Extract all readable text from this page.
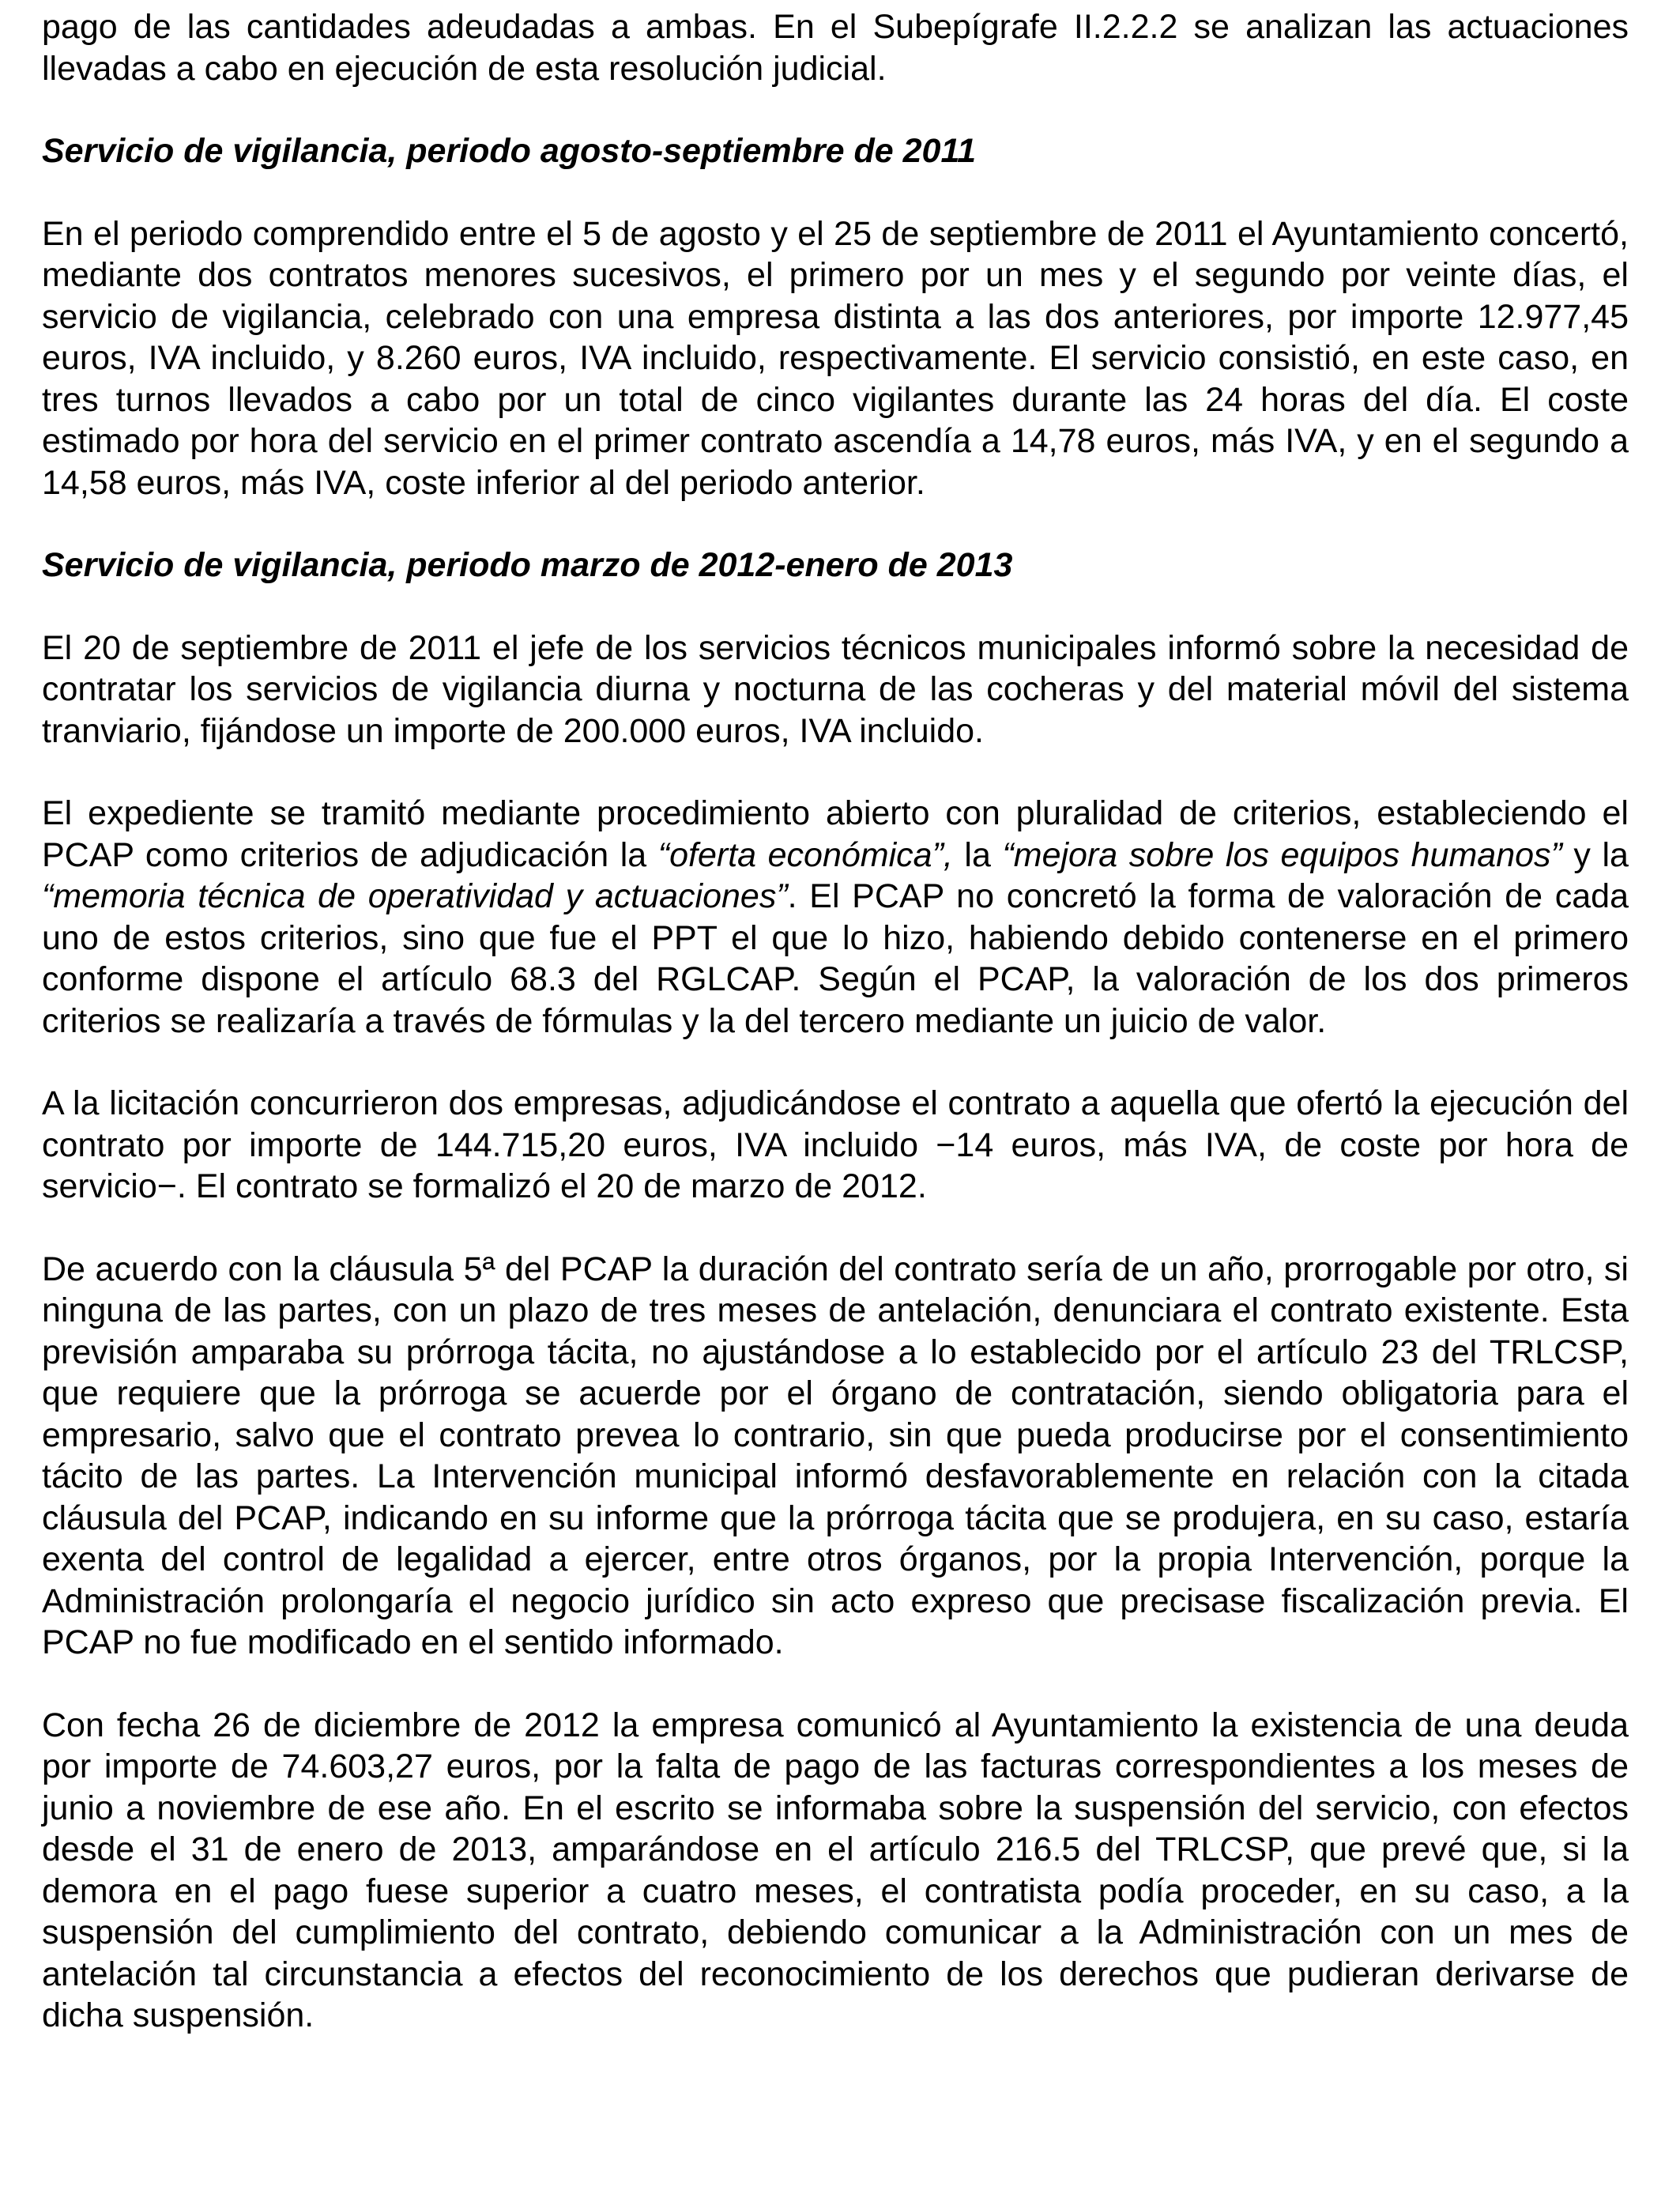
pago de las cantidades adeudadas a ambas. En el Subepígrafe II.2.2.2 se analizan las actuaciones llevadas a cabo en ejecución de esta resolución judicial.

Servicio de vigilancia, periodo agosto-septiembre de 2011

En el periodo comprendido entre el 5 de agosto y el 25 de septiembre de 2011 el Ayuntamiento concertó, mediante dos contratos menores sucesivos, el primero por un mes y el segundo por veinte días, el servicio de vigilancia, celebrado con una empresa distinta a las dos anteriores, por importe 12.977,45 euros, IVA incluido, y 8.260 euros, IVA incluido, respectivamente. El servicio consistió, en este caso, en tres turnos llevados a cabo por un total de cinco vigilantes durante las 24 horas del día. El coste estimado por hora del servicio en el primer contrato ascendía a 14,78 euros, más IVA, y en el segundo a 14,58 euros, más IVA, coste inferior al del periodo anterior.

Servicio de vigilancia, periodo marzo de 2012-enero de 2013

El 20 de septiembre de 2011 el jefe de los servicios técnicos municipales informó sobre la necesidad de contratar los servicios de vigilancia diurna y nocturna de las cocheras y del material móvil del sistema tranviario, fijándose un importe de 200.000 euros, IVA incluido.

El expediente se tramitó mediante procedimiento abierto con pluralidad de criterios, estableciendo el PCAP como criterios de adjudicación la “oferta económica”, la “mejora sobre los equipos humanos” y la “memoria técnica de operatividad y actuaciones”. El PCAP no concretó la forma de valoración de cada uno de estos criterios, sino que fue el PPT el que lo hizo, habiendo debido contenerse en el primero conforme dispone el artículo 68.3 del RGLCAP. Según el PCAP, la valoración de los dos primeros criterios se realizaría a través de fórmulas y la del tercero mediante un juicio de valor.

A la licitación concurrieron dos empresas, adjudicándose el contrato a aquella que ofertó la ejecución del contrato por importe de 144.715,20 euros, IVA incluido −14 euros, más IVA, de coste por hora de servicio−. El contrato se formalizó el 20 de marzo de 2012.

De acuerdo con la cláusula 5ª del PCAP la duración del contrato sería de un año, prorrogable por otro, si ninguna de las partes, con un plazo de tres meses de antelación, denunciara el contrato existente. Esta previsión amparaba su prórroga tácita, no ajustándose a lo establecido por el artículo 23 del TRLCSP, que requiere que la prórroga se acuerde por el órgano de contratación, siendo obligatoria para el empresario, salvo que el contrato prevea lo contrario, sin que pueda producirse por el consentimiento tácito de las partes. La Intervención municipal informó desfavorablemente en relación con la citada cláusula del PCAP, indicando en su informe que la prórroga tácita que se produjera, en su caso, estaría exenta del control de legalidad a ejercer, entre otros órganos, por la propia Intervención, porque la Administración prolongaría el negocio jurídico sin acto expreso que precisase fiscalización previa. El PCAP no fue modificado en el sentido informado.

Con fecha 26 de diciembre de 2012 la empresa comunicó al Ayuntamiento la existencia de una deuda por importe de 74.603,27 euros, por la falta de pago de las facturas correspondientes a los meses de junio a noviembre de ese año. En el escrito se informaba sobre la suspensión del servicio, con efectos desde el 31 de enero de 2013, amparándose en el artículo 216.5 del TRLCSP, que prevé que, si la demora en el pago fuese superior a cuatro meses, el contratista podía proceder, en su caso, a la suspensión del cumplimiento del contrato, debiendo comunicar a la Administración con un mes de antelación tal circunstancia a efectos del reconocimiento de los derechos que pudieran derivarse de dicha suspensión.
